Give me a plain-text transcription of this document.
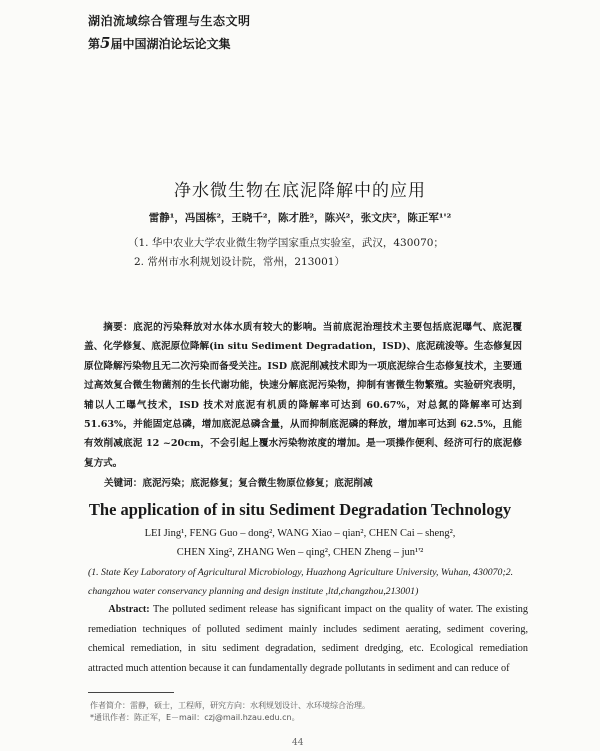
湖泊流域综合管理与生态文明
第5届中国湖泊论坛论文集
净水微生物在底泥降解中的应用
雷静¹，冯国栋²，王晓千²，陈才胜²，陈兴²，张文庆²，陈正军¹'²
（1. 华中农业大学农业微生物学国家重点实验室，武汉，430070；
2. 常州市水利规划设计院，常州，213001）
摘要：底泥的污染释放对水体水质有较大的影响。当前底泥治理技术主要包括底泥曝气、底泥覆盖、化学修复、底泥原位降解(in situ Sediment Degradation，ISD)、底泥疏浚等。生态修复因原位降解污染物且无二次污染而备受关注。ISD 底泥削减技术即为一项底泥综合生态修复技术，主要通过高效复合微生物菌剂的生长代谢功能，快速分解底泥污染物，抑制有害微生物繁殖。实验研究表明，辅以人工曝气技术，ISD 技术对底泥有机质的降解率可达到 60.67%，对总氮的降解率可达到 51.63%，并能固定总磷，增加底泥总磷含量，从而抑制底泥磷的释放，增加率可达到 62.5%，且能有效削减底泥 12 ~20cm，不会引起上覆水污染物浓度的增加。是一项操作便利、经济可行的底泥修复方式。
关键词：底泥污染；底泥修复；复合微生物原位修复；底泥削减
The application of in situ Sediment Degradation Technology
LEI Jing¹, FENG Guo – dong², WANG Xiao – qian², CHEN Cai – sheng²,
CHEN Xing², ZHANG Wen – qing², CHEN Zheng – jun¹'²
(1. State Key Laboratory of Agricultural Microbiology, Huazhong Agriculture University, Wuhan, 430070;2. changzhou water conservancy planning and design institute ,ltd,changzhou,213001)
Abstract: The polluted sediment release has significant impact on the quality of water. The existing remediation techniques of polluted sediment mainly includes sediment aerating, sediment covering, chemical remediation, in situ sediment degradation, sediment dredging, etc. Ecological remediation attracted much attention because it can fundamentally degrade pollutants in sediment and can reduce of
作者简介：雷静，硕士，工程师，研究方向：水利规划设计、水环境综合治理。
*通讯作者：陈正军，E－mail：czj@mail.hzau.edu.cn。
44
